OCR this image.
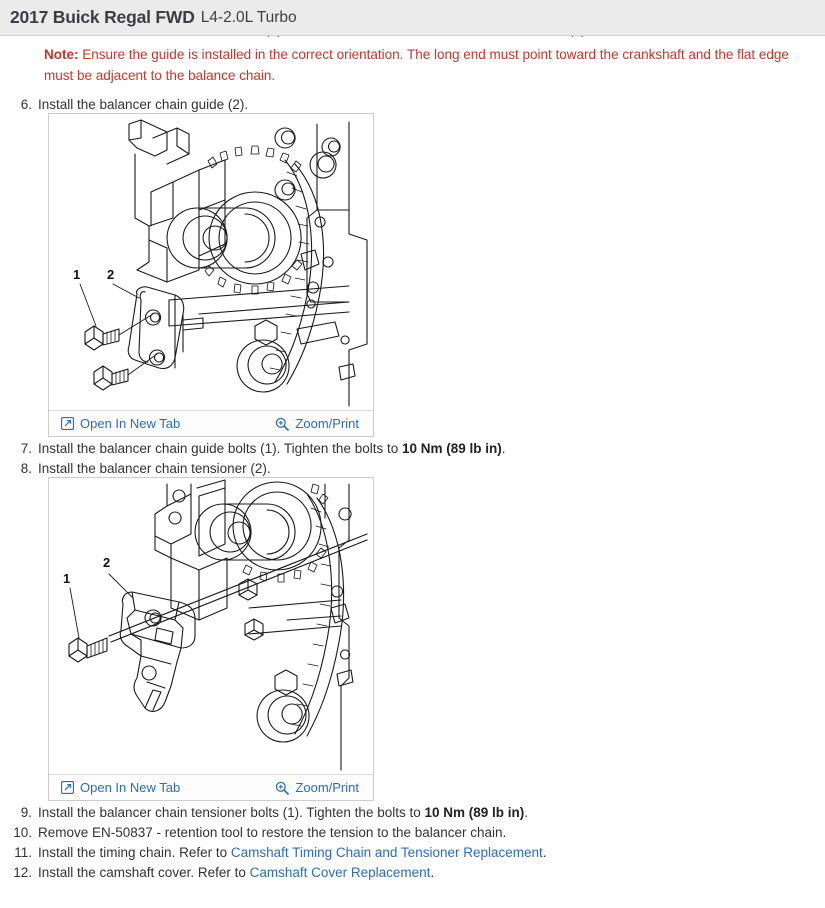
Note: Ensure the guide is installed in the correct orientation. The long end must point toward the crankshaft and the flat edge must be adjacent to the balance chain.
6. Install the balancer chain guide (2).
1 2
Open In New Tab	Zoom/Print
7. Install the balancer chain guide bolts (1). Tighten the bolts to 10 Nm (89 lb in).
8. Install the balancer chain tensioner (2).
1
2
Open In New Tab	Zoom/Print
9. Install the balancer chain tensioner bolts (1). Tighten the bolts to 10 Nm (89 lb in).
10. Remove EN-50837 - retention tool to restore the tension to the balancer chain.
11. Install the timing chain. Refer to Camshaft Timing Chain and Tensioner Replacement.
12. Install the camshaft cover. Refer to Camshaft Cover Replacement.
2017 Buick Regal FWD L4-2.0L Turbo
